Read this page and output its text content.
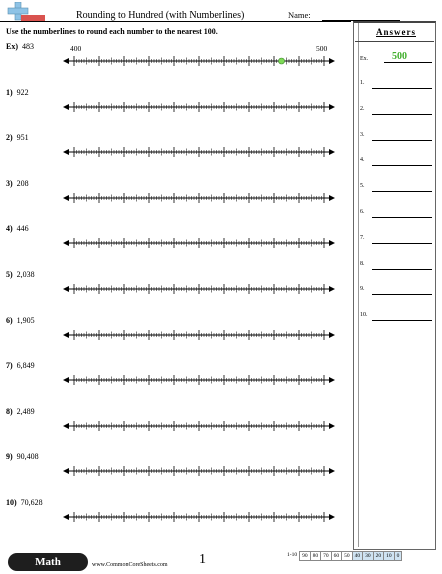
Rounding to Hundred (with Numberlines)	Name:
Use the numberlines to round each number to the nearest 100.	Answers
Ex. 500
1.
2.
3.
4.
5.
6.
7.
8.
9.
10.
Ex) 483	400	500
1) 922
2) 951
3) 208
4) 446
5) 2,038
6) 1,905
7) 6,849
8) 2,489
9) 90,408
10) 70,628
Math	www.CommonCoreSheets.com 1	1-10 90 80 70 60 50 40 30 20 10 0
